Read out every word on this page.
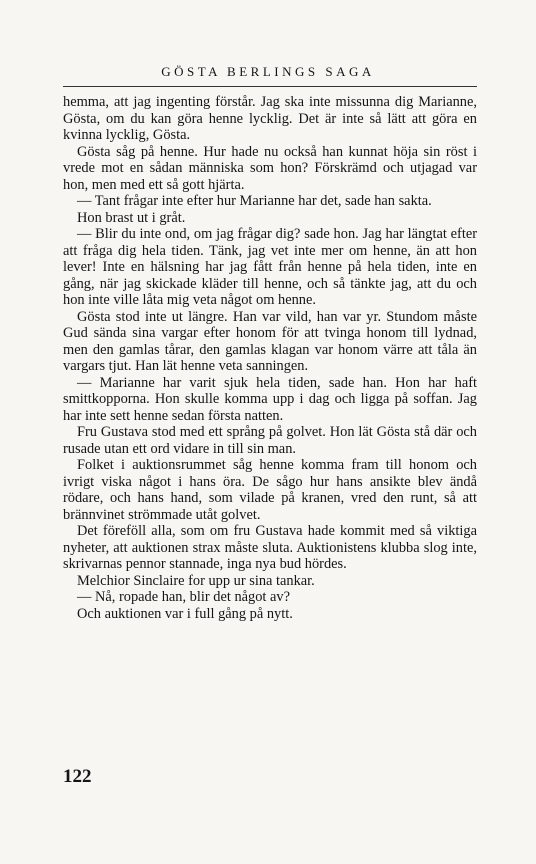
GÖSTA BERLINGS SAGA

hemma, att jag ingenting förstår. Jag ska inte missunna dig Marianne, Gösta, om du kan göra henne lycklig. Det är inte så lätt att göra en kvinna lycklig, Gösta.

Gösta såg på henne. Hur hade nu också han kunnat höja sin röst i vrede mot en sådan människa som hon? Förskrämd och utjagad var hon, men med ett så gott hjärta.

— Tant frågar inte efter hur Marianne har det, sade han sakta.

Hon brast ut i gråt.

— Blir du inte ond, om jag frågar dig? sade hon. Jag har längtat efter att fråga dig hela tiden. Tänk, jag vet inte mer om henne, än att hon lever! Inte en hälsning har jag fått från henne på hela tiden, inte en gång, när jag skickade kläder till henne, och så tänkte jag, att du och hon inte ville låta mig veta något om henne.

Gösta stod inte ut längre. Han var vild, han var yr. Stundom måste Gud sända sina vargar efter honom för att tvinga honom till lydnad, men den gamlas tårar, den gamlas klagan var honom värre att tåla än vargars tjut. Han lät henne veta sanningen.

— Marianne har varit sjuk hela tiden, sade han. Hon har haft smittkopporna. Hon skulle komma upp i dag och ligga på soffan. Jag har inte sett henne sedan första natten.

Fru Gustava stod med ett språng på golvet. Hon lät Gösta stå där och rusade utan ett ord vidare in till sin man.

Folket i auktionsrummet såg henne komma fram till honom och ivrigt viska något i hans öra. De sågo hur hans ansikte blev ändå rödare, och hans hand, som vilade på kranen, vred den runt, så att brännvinet strömmade utåt golvet.

Det föreföll alla, som om fru Gustava hade kommit med så viktiga nyheter, att auktionen strax måste sluta. Auktionistens klubba slog inte, skrivarnas pennor stannade, inga nya bud hördes.

Melchior Sinclaire for upp ur sina tankar.

— Nå, ropade han, blir det något av?

Och auktionen var i full gång på nytt.

122
